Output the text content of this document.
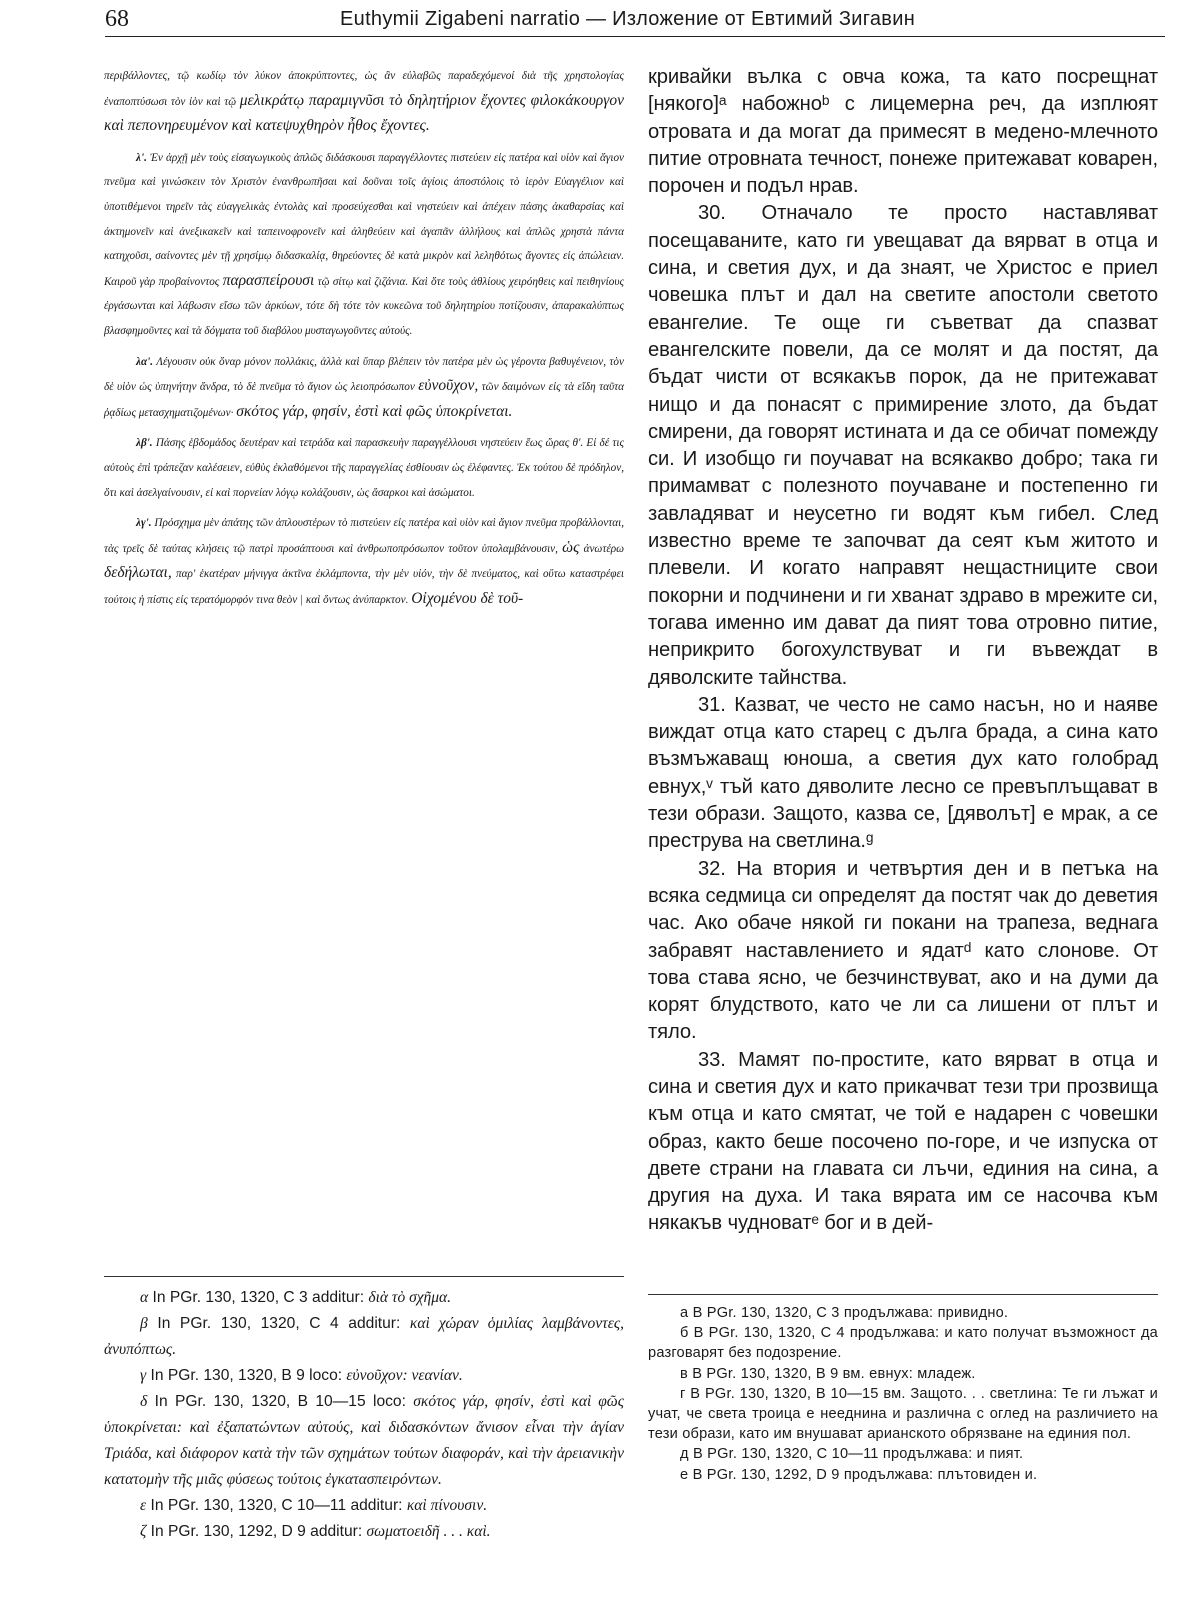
68	Euthymii Zigabeni narratio — Изложение от Евтимий Зигавин

περιβάλλοντες, τῷ κωδίῳ τὸν λύκον ἀποκρύπτοντες, ὡς ἂν εὐλαβῶς παραδεχόμενοί διὰ τῆς χρηστολογίας ἐναποπτύσωσι τὸν ἰὸν καὶ τῷ μελικράτῳ παραμιγνῦσι τὸ δηλητήριον ἔχοντες φιλοκάκουργον καὶ πεπονηρευμένον καὶ κατεψυχθηρὸν ἦθος ἔχοντες.

λ'. Ἐν ἀρχῇ μὲν τοὺς εἰσαγωγικοὺς ἁπλῶς διδάσκουσι παραγγέλλοντες πιστεύειν εἰς πατέρα καὶ υἱὸν καὶ ἅγιον πνεῦμα καὶ γινώσκειν τὸν Χριστὸν ἐνανθρωπῆσαι καὶ δοῦναι τοῖς ἁγίοις ἀποστόλοις τὸ ἱερὸν Εὐαγγέλιον καὶ ὑποτιθέμενοι τηρεῖν τὰς εὐαγγελικὰς ἐντολὰς καὶ προσεύχεσθαι καὶ νηστεύειν καὶ ἀπέχειν πάσης ἀκαθαρσίας καὶ ἀκτημονεῖν καὶ ἀνεξικακεῖν καὶ ταπεινοφρονεῖν καὶ ἀληθεύειν καὶ ἀγαπᾶν ἀλλήλους καὶ ἁπλῶς χρηστὰ πάντα κατηχοῦσι, σαίνοντες μὲν τῇ χρησίμῳ διδασκαλίᾳ, θηρεύοντες δὲ κατὰ μικρὸν καὶ λεληθότως ἄγοντες εἰς ἀπώλειαν. Καιροῦ γὰρ προβαίνοντος παρασπείρουσι τῷ σίτῳ καὶ ζιζάνια. Καὶ ὅτε τοὺς ἀθλίους χειρόηθεις καὶ πειθηνίους ἐργάσωνται καὶ λάβωσιν εἴσω τῶν ἀρκύων, τότε δὴ τότε τὸν κυκεῶνα τοῦ δηλητηρίου ποτίζουσιν, ἀπαρακαλύπτως βλασφημοῦντες καὶ τὰ δόγματα τοῦ διαβόλου μυσταγωγοῦντες αὐτούς.

λα'. Λέγουσιν οὐκ ὄναρ μόνον πολλάκις, ἀλλὰ καὶ ὕπαρ βλέπειν τὸν πατέρα μὲν ὡς γέροντα βαθυγένειον, τὸν δὲ υἱὸν ὡς ὑπηνήτην ἄνδρα, τὸ δὲ πνεῦμα τὸ ἅγιον ὡς λειοπρόσωπον εὐνοῦχον, τῶν δαιμόνων εἰς τὰ εἴδη ταῦτα ῥᾳδίως μετασχηματιζομένων· σκότος γάρ, φησίν, ἐστὶ καὶ φῶς ὑποκρίνεται.

λβ'. Πάσης ἑβδομάδος δευτέραν καὶ τετράδα καὶ παρασκευὴν παραγγέλλουσι νηστεύειν ἕως ὥρας θ'. Εἰ δέ τις αὐτοὺς ἐπὶ τράπεζαν καλέσειεν, εὐθὺς ἐκλαθόμενοι τῆς παραγγελίας ἐσθίουσιν ὡς ἐλέφαντες. Ἐκ τούτου δὲ πρόδηλον, ὅτι καὶ ἀσελγαίνουσιν, εἰ καὶ πορνείαν λόγῳ κολάζουσιν, ὡς ἄσαρκοι καὶ ἀσώματοι.

λγ'. Πρόσχημα μὲν ἀπάτης τῶν ἁπλουστέρων τὸ πιστεύειν εἰς πατέρα καὶ υἱὸν καὶ ἅγιον πνεῦμα προβάλλονται, τὰς τρεῖς δὲ ταύτας κλήσεις τῷ πατρὶ προσάπτουσι καὶ ἀνθρωποπρόσωπον τοῦτον ὑπολαμβάνουσιν, ὡς ἀνωτέρω δεδήλωται, παρ' ἑκατέραν μήνιγγα ἀκτῖνα ἐκλάμποντα, τὴν μὲν υἱόν, τὴν δὲ πνεύματος, καὶ οὕτω καταστρέφει τούτοις ἡ πίστις εἰς τερατόμορφόν τινα θεὸν | καὶ ὄντως ἀνύπαρκτον. Οἰχομένου δὲ τοῦ-

кривайки вълка с овча кожа, та като посрещнат [някого]ᵃ набожноᵇ с лицемерна реч, да изплюят отровата и да могат да примесят в медено-млечното питие отровната течност, понеже притежават коварен, порочен и подъл нрав.

30. Отначало те просто наставляват посещаваните, като ги увещават да вярват в отца и сина, и светия дух, и да знаят, че Христос е приел човешка плът и дал на светите апостоли светото евангелие. Те още ги съветват да спазват евангелските повели, да се молят и да постят, да бъдат чисти от всякакъв порок, да не притежават нищо и да понасят с примирение злото, да бъдат смирени, да говорят истината и да се обичат помежду си. И изобщо ги поучават на всякакво добро; така ги примамват с полезното поучаване и постепенно ги завладяват и неусетно ги водят към гибел. След известно време те започват да сеят към житото и плевели. И когато направят нещастниците свои покорни и подчинени и ги хванат здраво в мрежите си, тогава именно им дават да пият това отровно питие, неприкрито богохулствуват и ги въвеждат в дяволските тайнства.

31. Казват, че често не само насън, но и наяве виждат отца като старец с дълга брада, а сина като възмъжаващ юноша, а светия дух като голобрад евнух,ᵛ тъй като дяволите лесно се превъплъщават в тези образи. Защото, казва се, [дяволът] е мрак, а се преструва на светлина.ᵍ

32. На втория и четвъртия ден и в петъка на всяка седмица си определят да постят чак до деветия час. Ако обаче някой ги покани на трапеза, веднага забравят наставлението и ядатᵈ като слонове. От това става ясно, че безчинствуват, ако и на думи да корят блудството, като че ли са лишени от плът и тяло.

33. Мамят по-простите, като вярват в отца и сина и светия дух и като прикачват тези три прозвища към отца и като смятат, че той е надарен с човешки образ, както беше посочено по-горе, и че изпуска от двете страни на главата си лъчи, единия на сина, а другия на духа. И така вярата им се насочва към някакъв чудноватᵉ бог и в дей-

α In PGr. 130, 1320, C 3 additur: διὰ τὸ σχῆμα.

β In PGr. 130, 1320, C 4 additur: καὶ χώραν ὁμιλίας λαμβάνοντες, ἀνυπόπτως.

γ In PGr. 130, 1320, B 9 loco: εὐνοῦχον: νεανίαν.

δ In PGr. 130, 1320, B 10—15 loco: σκότος γάρ, φησίν, ἐστὶ καὶ φῶς ὑποκρίνεται: καὶ ἐξαπατώντων αὐτούς, καὶ διδασκόντων ἄνισον εἶναι τὴν ἁγίαν Τριάδα, καὶ διάφορον κατὰ τὴν τῶν σχημάτων τούτων διαφοράν, καὶ τὴν ἀρειανικὴν κατατομὴν τῆς μιᾶς φύσεως τούτοις ἐγκατασπειρόντων.

ε In PGr. 130, 1320, C 10—11 additur: καὶ πίνουσιν.

ζ In PGr. 130, 1292, D 9 additur: σωματοειδῆ . . . καὶ.

а В PGr. 130, 1320, C 3 продължава: привидно.

б В PGr. 130, 1320, C 4 продължава: и като получат възможност да разговарят без подозрение.

в В PGr. 130, 1320, B 9 вм. евнух: младеж.

г В PGr. 130, 1320, B 10—15 вм. Защото. . . светлина: Те ги лъжат и учат, че света троица е нееднина и различна с оглед на различието на тези образи, като им внушават арианското обрязване на единия пол.

д В PGr. 130, 1320, C 10—11 продължава: и пият.

е В PGr. 130, 1292, D 9 продължава: плътовиден и.
